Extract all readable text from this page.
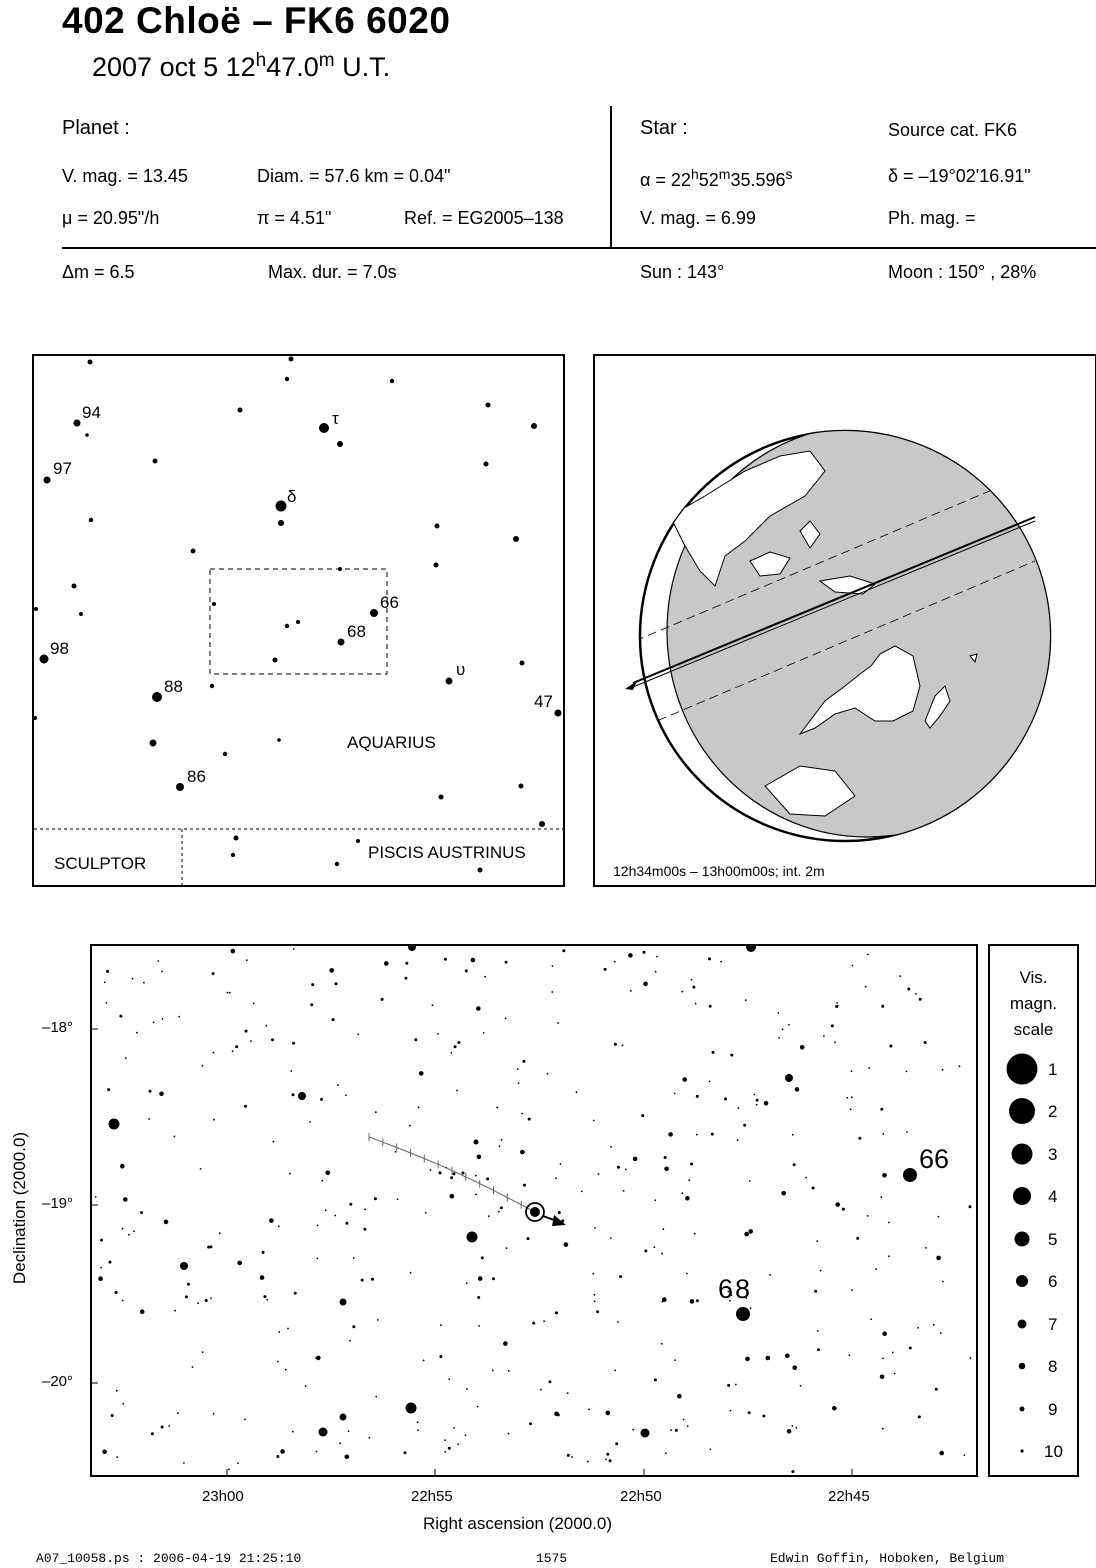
402 Chloë – FK6 6020
2007 oct 5 12$^h$47.0$^m$ U.T.
Planet :
V. mag. = 13.45	Diam. = 57.6 km = 0.04"
μ = 20.95"/h	π = 4.51"	Ref. = EG2005–138
Star :	Source cat. FK6
$\alpha = 22^h52^m35.596^s$	δ = –19°02'16.91"
V. mag. = 6.99	Ph. mag. =
Δm = 6.5	Max. dur. = 7.0s	Sun : 143°	Moon : 150° , 28%
94
97
98
88
86
66
68
47
τ
δ
υ
AQUARIUS
SCULPTOR
PISCIS AUSTRINUS
12h34m00s – 13h00m00s; int. 2m
66
68
–18°
–19°
–20°
23h00	22h55	22h50	22h45
Right ascension (2000.0)
Declination (2000.0)
Vis.
magn.
scale
1
2
3
4
5
6
7
8
9
10
A07_10058.ps : 2006-04-19 21:25:10	1575	Edwin Goffin, Hoboken, Belgium
